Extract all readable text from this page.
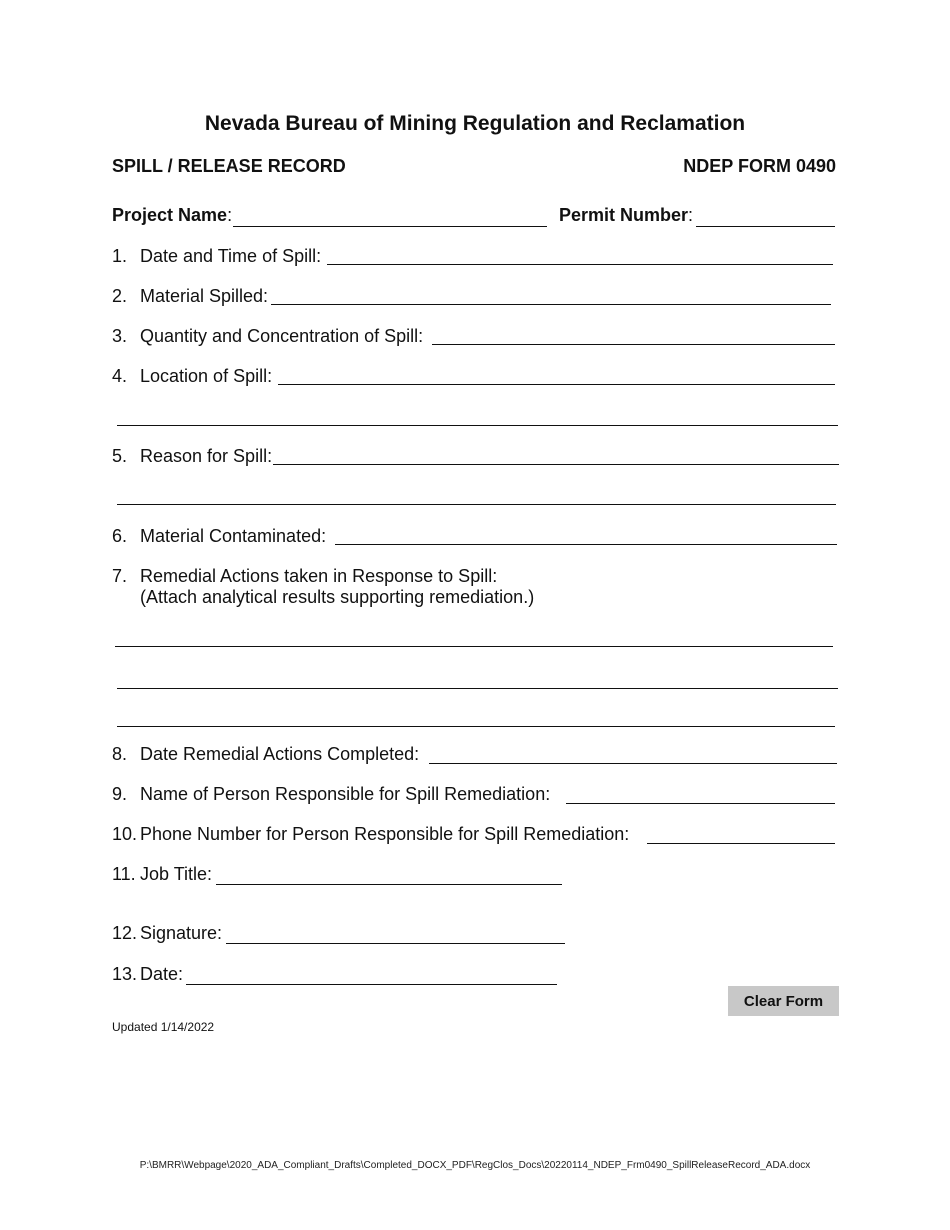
Nevada Bureau of Mining Regulation and Reclamation
SPILL / RELEASE RECORD	NDEP FORM 0490
Project Name:	Permit Number:
1. Date and Time of Spill:
2. Material Spilled:
3. Quantity and Concentration of Spill:
4. Location of Spill:
5. Reason for Spill:
6. Material Contaminated:
7. Remedial Actions taken in Response to Spill:
(Attach analytical results supporting remediation.)
8. Date Remedial Actions Completed:
9. Name of Person Responsible for Spill Remediation:
10. Phone Number for Person Responsible for Spill Remediation:
11. Job Title:
12. Signature:
13. Date:
Clear Form
Updated 1/14/2022
P:\BMRR\Webpage\2020_ADA_Compliant_Drafts\Completed_DOCX_PDF\RegClos_Docs\20220114_NDEP_Frm0490_SpillReleaseRecord_ADA.docx
